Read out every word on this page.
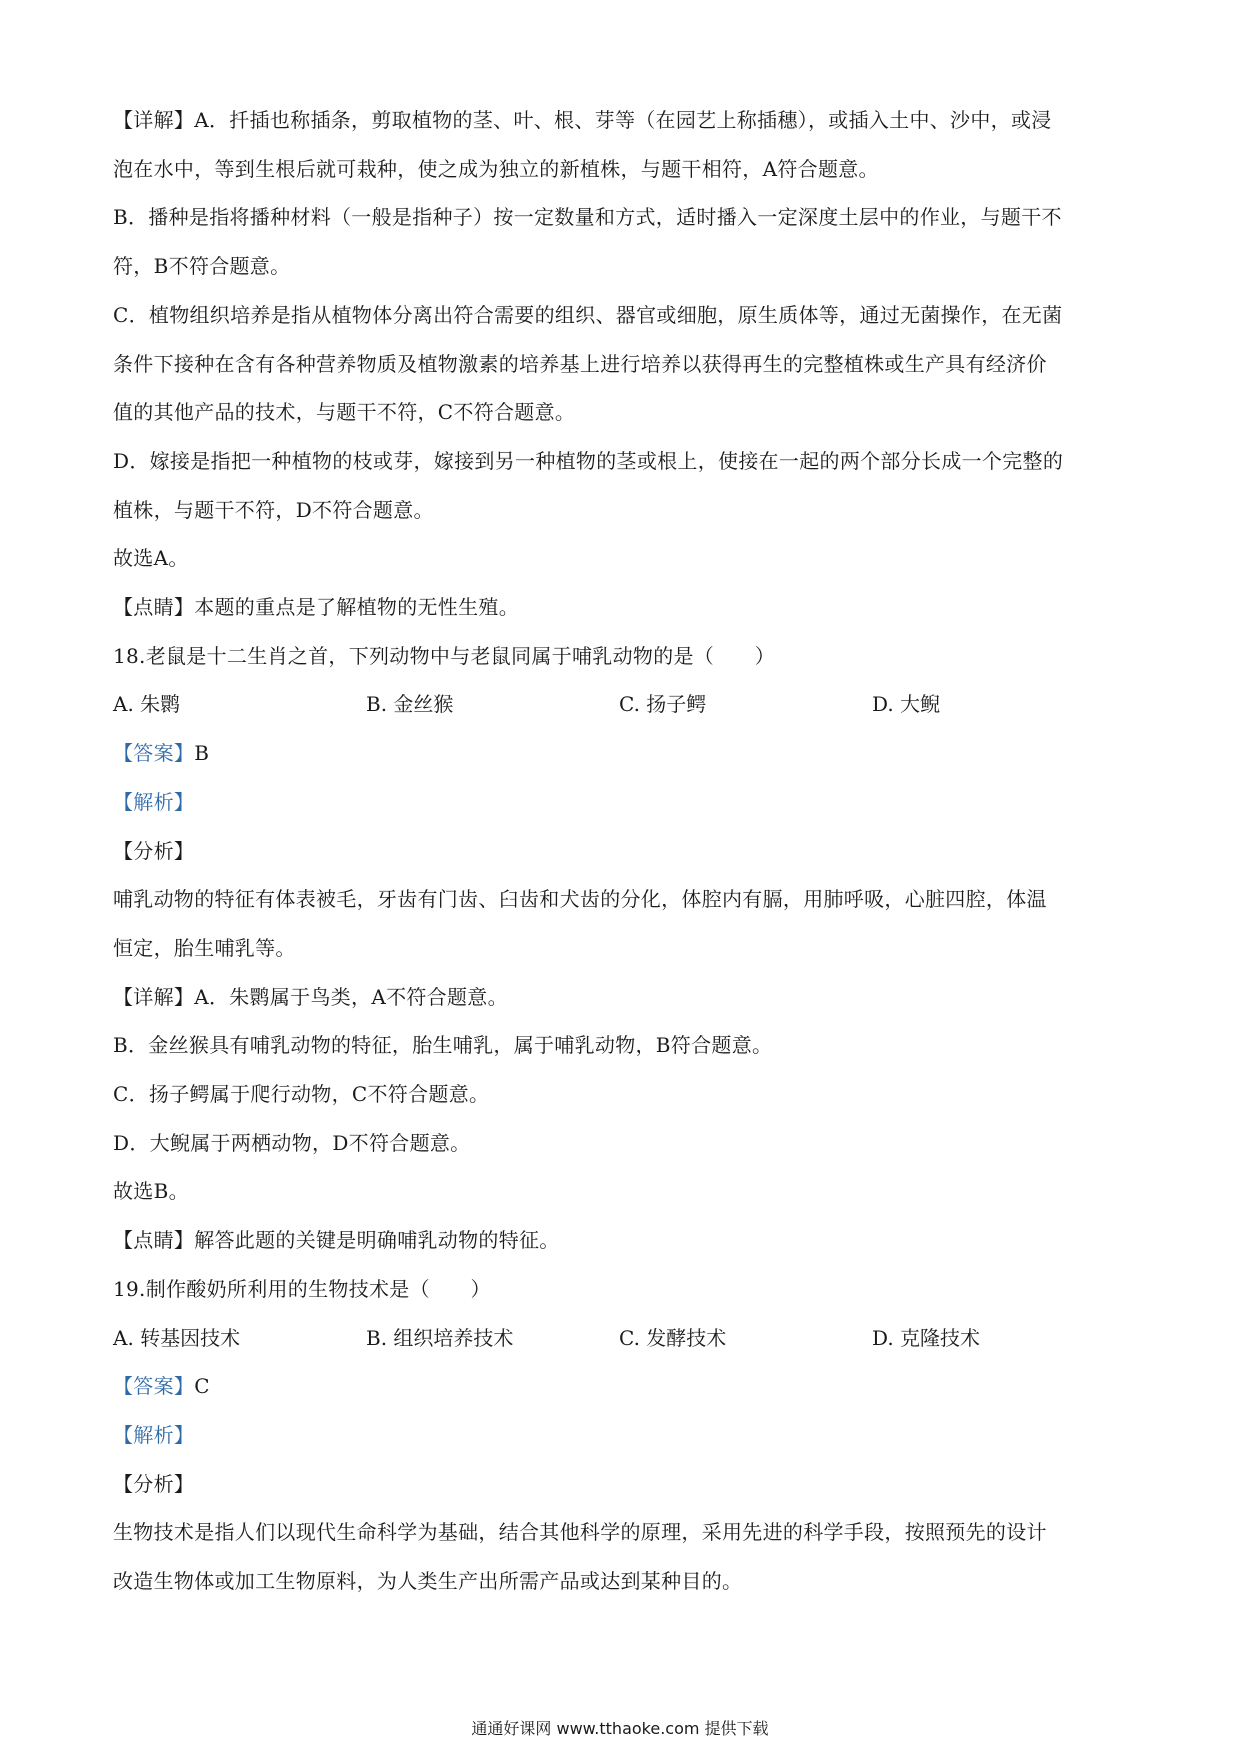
【详解】A．扦插也称插条，剪取植物的茎、叶、根、芽等（在园艺上称插穗），或插入土中、沙中，或浸

泡在水中，等到生根后就可栽种，使之成为独立的新植株，与题干相符，A符合题意。

B．播种是指将播种材料（一般是指种子）按一定数量和方式，适时播入一定深度土层中的作业，与题干不

符，B不符合题意。

C．植物组织培养是指从植物体分离出符合需要的组织、器官或细胞，原生质体等，通过无菌操作，在无菌

条件下接种在含有各种营养物质及植物激素的培养基上进行培养以获得再生的完整植株或生产具有经济价

值的其他产品的技术，与题干不符，C不符合题意。

D．嫁接是指把一种植物的枝或芽，嫁接到另一种植物的茎或根上，使接在一起的两个部分长成一个完整的

植株，与题干不符，D不符合题意。

故选A。

【点睛】本题的重点是了解植物的无性生殖。

18.老鼠是十二生肖之首，下列动物中与老鼠同属于哺乳动物的是（　　）

A. 朱鹮	B. 金丝猴	C. 扬子鳄	D. 大鲵

【答案】B

【解析】

【分析】

哺乳动物的特征有体表被毛，牙齿有门齿、臼齿和犬齿的分化，体腔内有膈，用肺呼吸，心脏四腔，体温

恒定，胎生哺乳等。

【详解】A．朱鹮属于鸟类，A不符合题意。

B．金丝猴具有哺乳动物的特征，胎生哺乳，属于哺乳动物，B符合题意。

C．扬子鳄属于爬行动物，C不符合题意。

D．大鲵属于两栖动物，D不符合题意。

故选B。

【点睛】解答此题的关键是明确哺乳动物的特征。

19.制作酸奶所利用的生物技术是（　　）

A. 转基因技术	B. 组织培养技术	C. 发酵技术	D. 克隆技术

【答案】C

【解析】

【分析】

生物技术是指人们以现代生命科学为基础，结合其他科学的原理，采用先进的科学手段，按照预先的设计

改造生物体或加工生物原料，为人类生产出所需产品或达到某种目的。

通通好课网 www.tthaoke.com 提供下载
